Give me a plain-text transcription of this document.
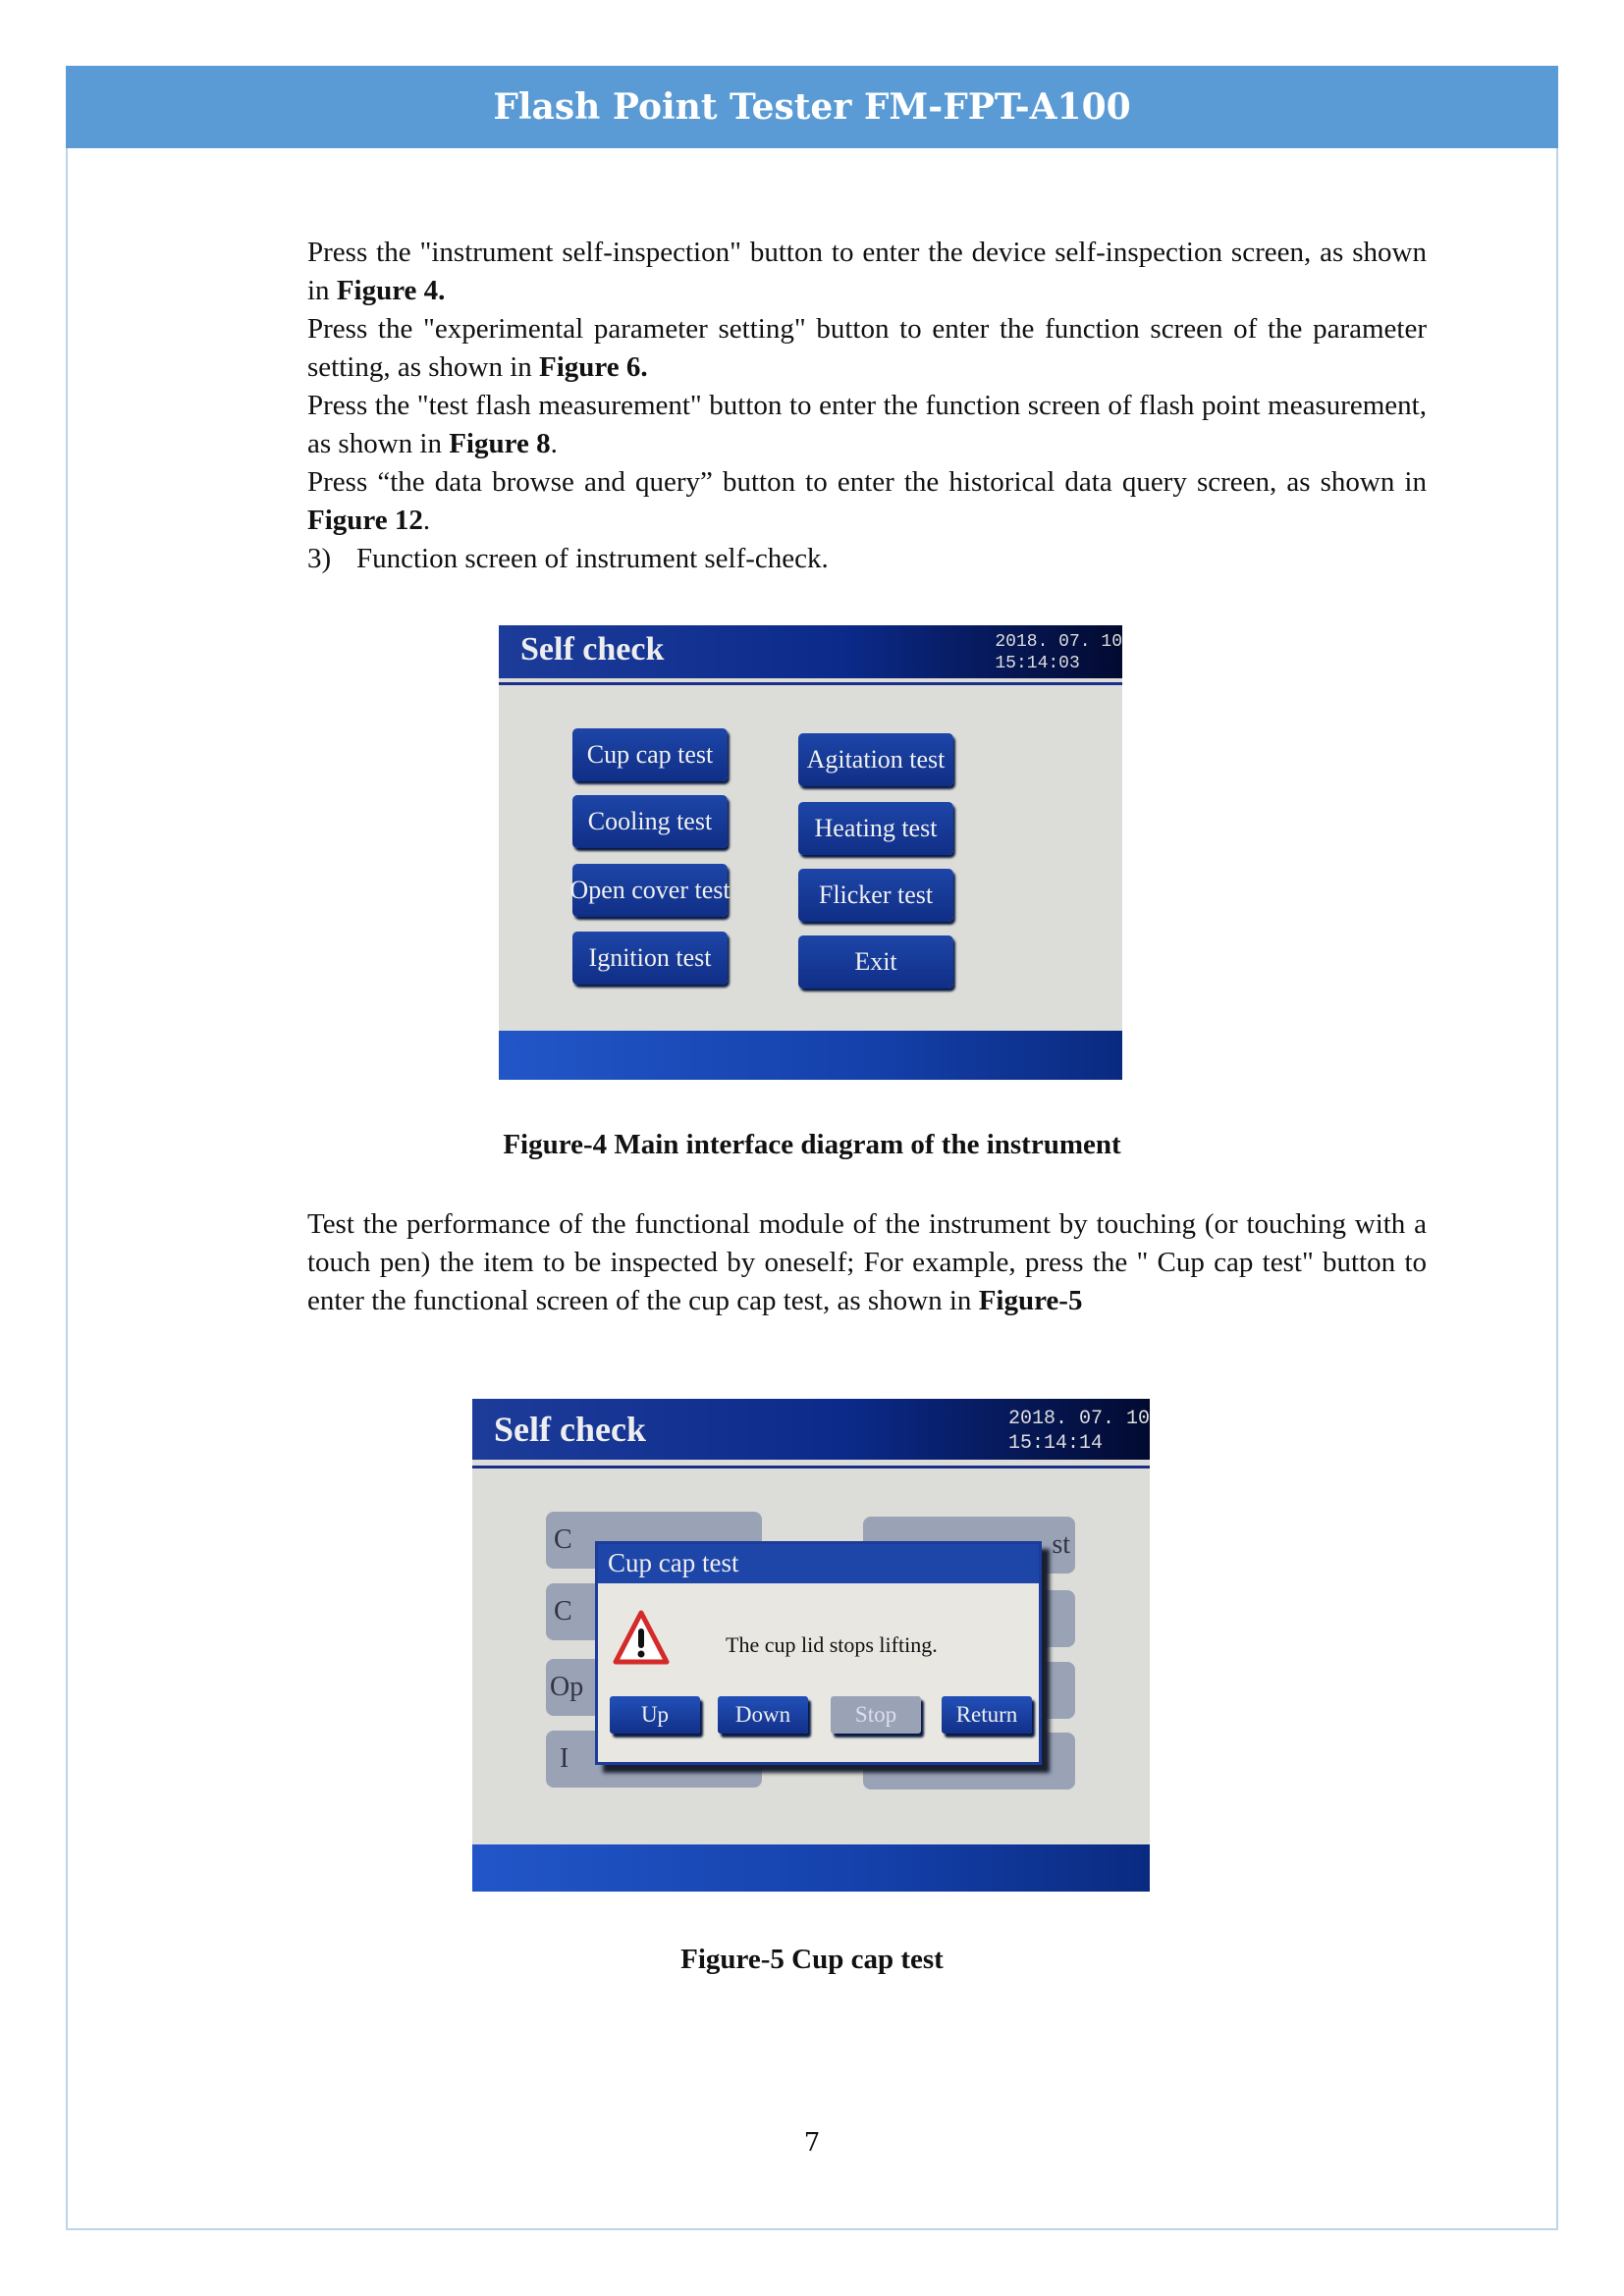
Flash Point Tester FM-FPT-A100

Press the "instrument self-inspection" button to enter the device self-inspection screen, as shown in Figure 4.

Press the "experimental parameter setting" button to enter the function screen of the parameter setting, as shown in Figure 6.

Press the "test flash measurement" button to enter the function screen of flash point measurement, as shown in Figure 8.

Press “the data browse and query” button to enter the historical data query screen, as shown in Figure 12.

3) Function screen of instrument self-check.

Self check	2018. 07. 10
15:14:03
Cup cap test	Agitation test
Cooling test	Heating test
Open cover test	Flicker test
Ignition test	Exit
Figure-4 Main interface diagram of the instrument
Test the performance of the functional module of the instrument by touching (or touching with a touch pen) the item to be inspected by oneself; For example, press the " Cup cap test" button to enter the functional screen of the cup cap test, as shown in Figure-5
Self check	2018. 07. 10
15:14:14
C
C
Op
I
st
Cup cap test
The cup lid stops lifting.
Up	Down	Stop	Return
Figure-5 Cup cap test
7
